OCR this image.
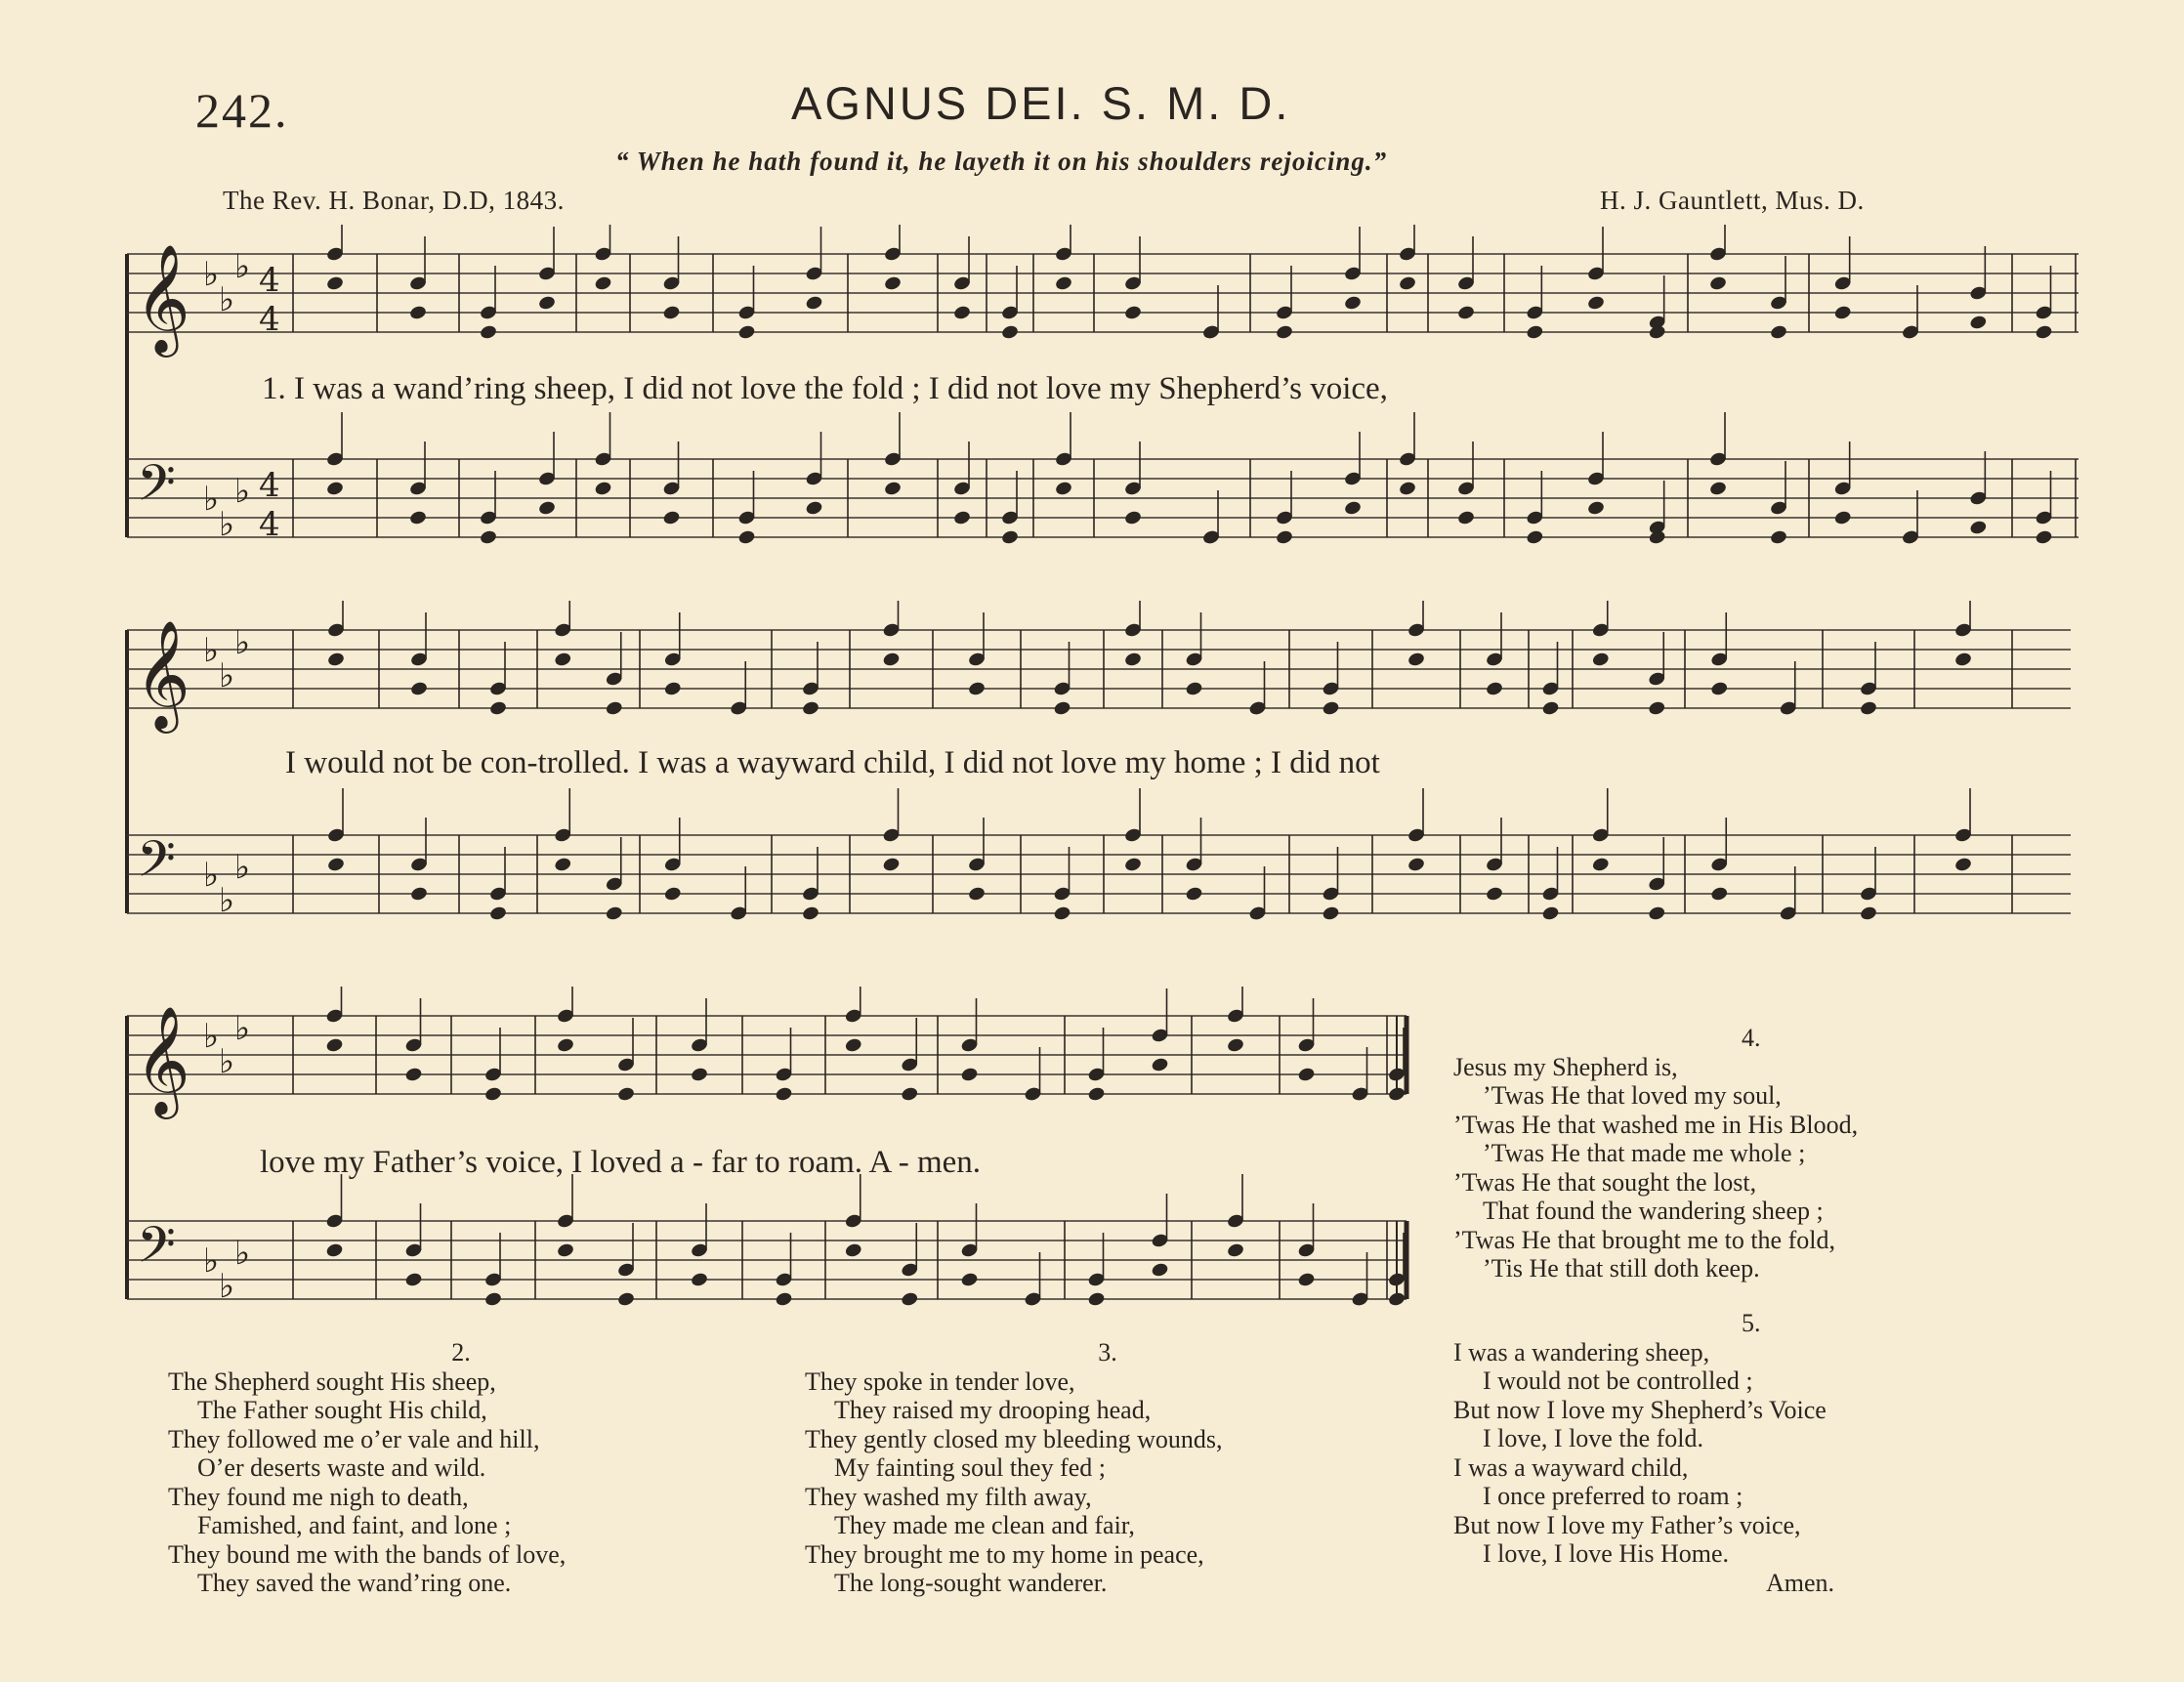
242.	AGNUS DEI. S. M. D.
“ When he hath found it, he layeth it on his shoulders rejoicing.”
The Rev. H. Bonar, D.D, 1843.	H. J. Gauntlett, Mus. D.
𝄞 ♭
♭
♭ 4
4
𝄢 ♭
♭
♭ 4
4
1. I was a wand’ring sheep, I did not love the fold ; I did not love my Shepherd’s voice,
𝄞 ♭
♭
♭
𝄢 ♭
♭
♭
I would not be con-trolled. I was a wayward child, I did not love my home ; I did not
𝄞 ♭
♭
♭
𝄢 ♭
♭
♭
love my Father’s voice, I loved a - far to roam. A - men.
2.
The Shepherd sought His sheep,
The Father sought His child,
They followed me o’er vale and hill,
O’er deserts waste and wild.
They found me nigh to death,
Famished, and faint, and lone ;
They bound me with the bands of love,
They saved the wand’ring one.
3.
They spoke in tender love,
They raised my drooping head,
They gently closed my bleeding wounds,
My fainting soul they fed ;
They washed my filth away,
They made me clean and fair,
They brought me to my home in peace,
The long-sought wanderer.
4.
Jesus my Shepherd is,
’Twas He that loved my soul,
’Twas He that washed me in His Blood,
’Twas He that made me whole ;
’Twas He that sought the lost,
That found the wandering sheep ;
’Twas He that brought me to the fold,
’Tis He that still doth keep.
5.
I was a wandering sheep,
I would not be controlled ;
But now I love my Shepherd’s Voice
I love, I love the fold.
I was a wayward child,
I once preferred to roam ;
But now I love my Father’s voice,
I love, I love His Home.
Amen.
